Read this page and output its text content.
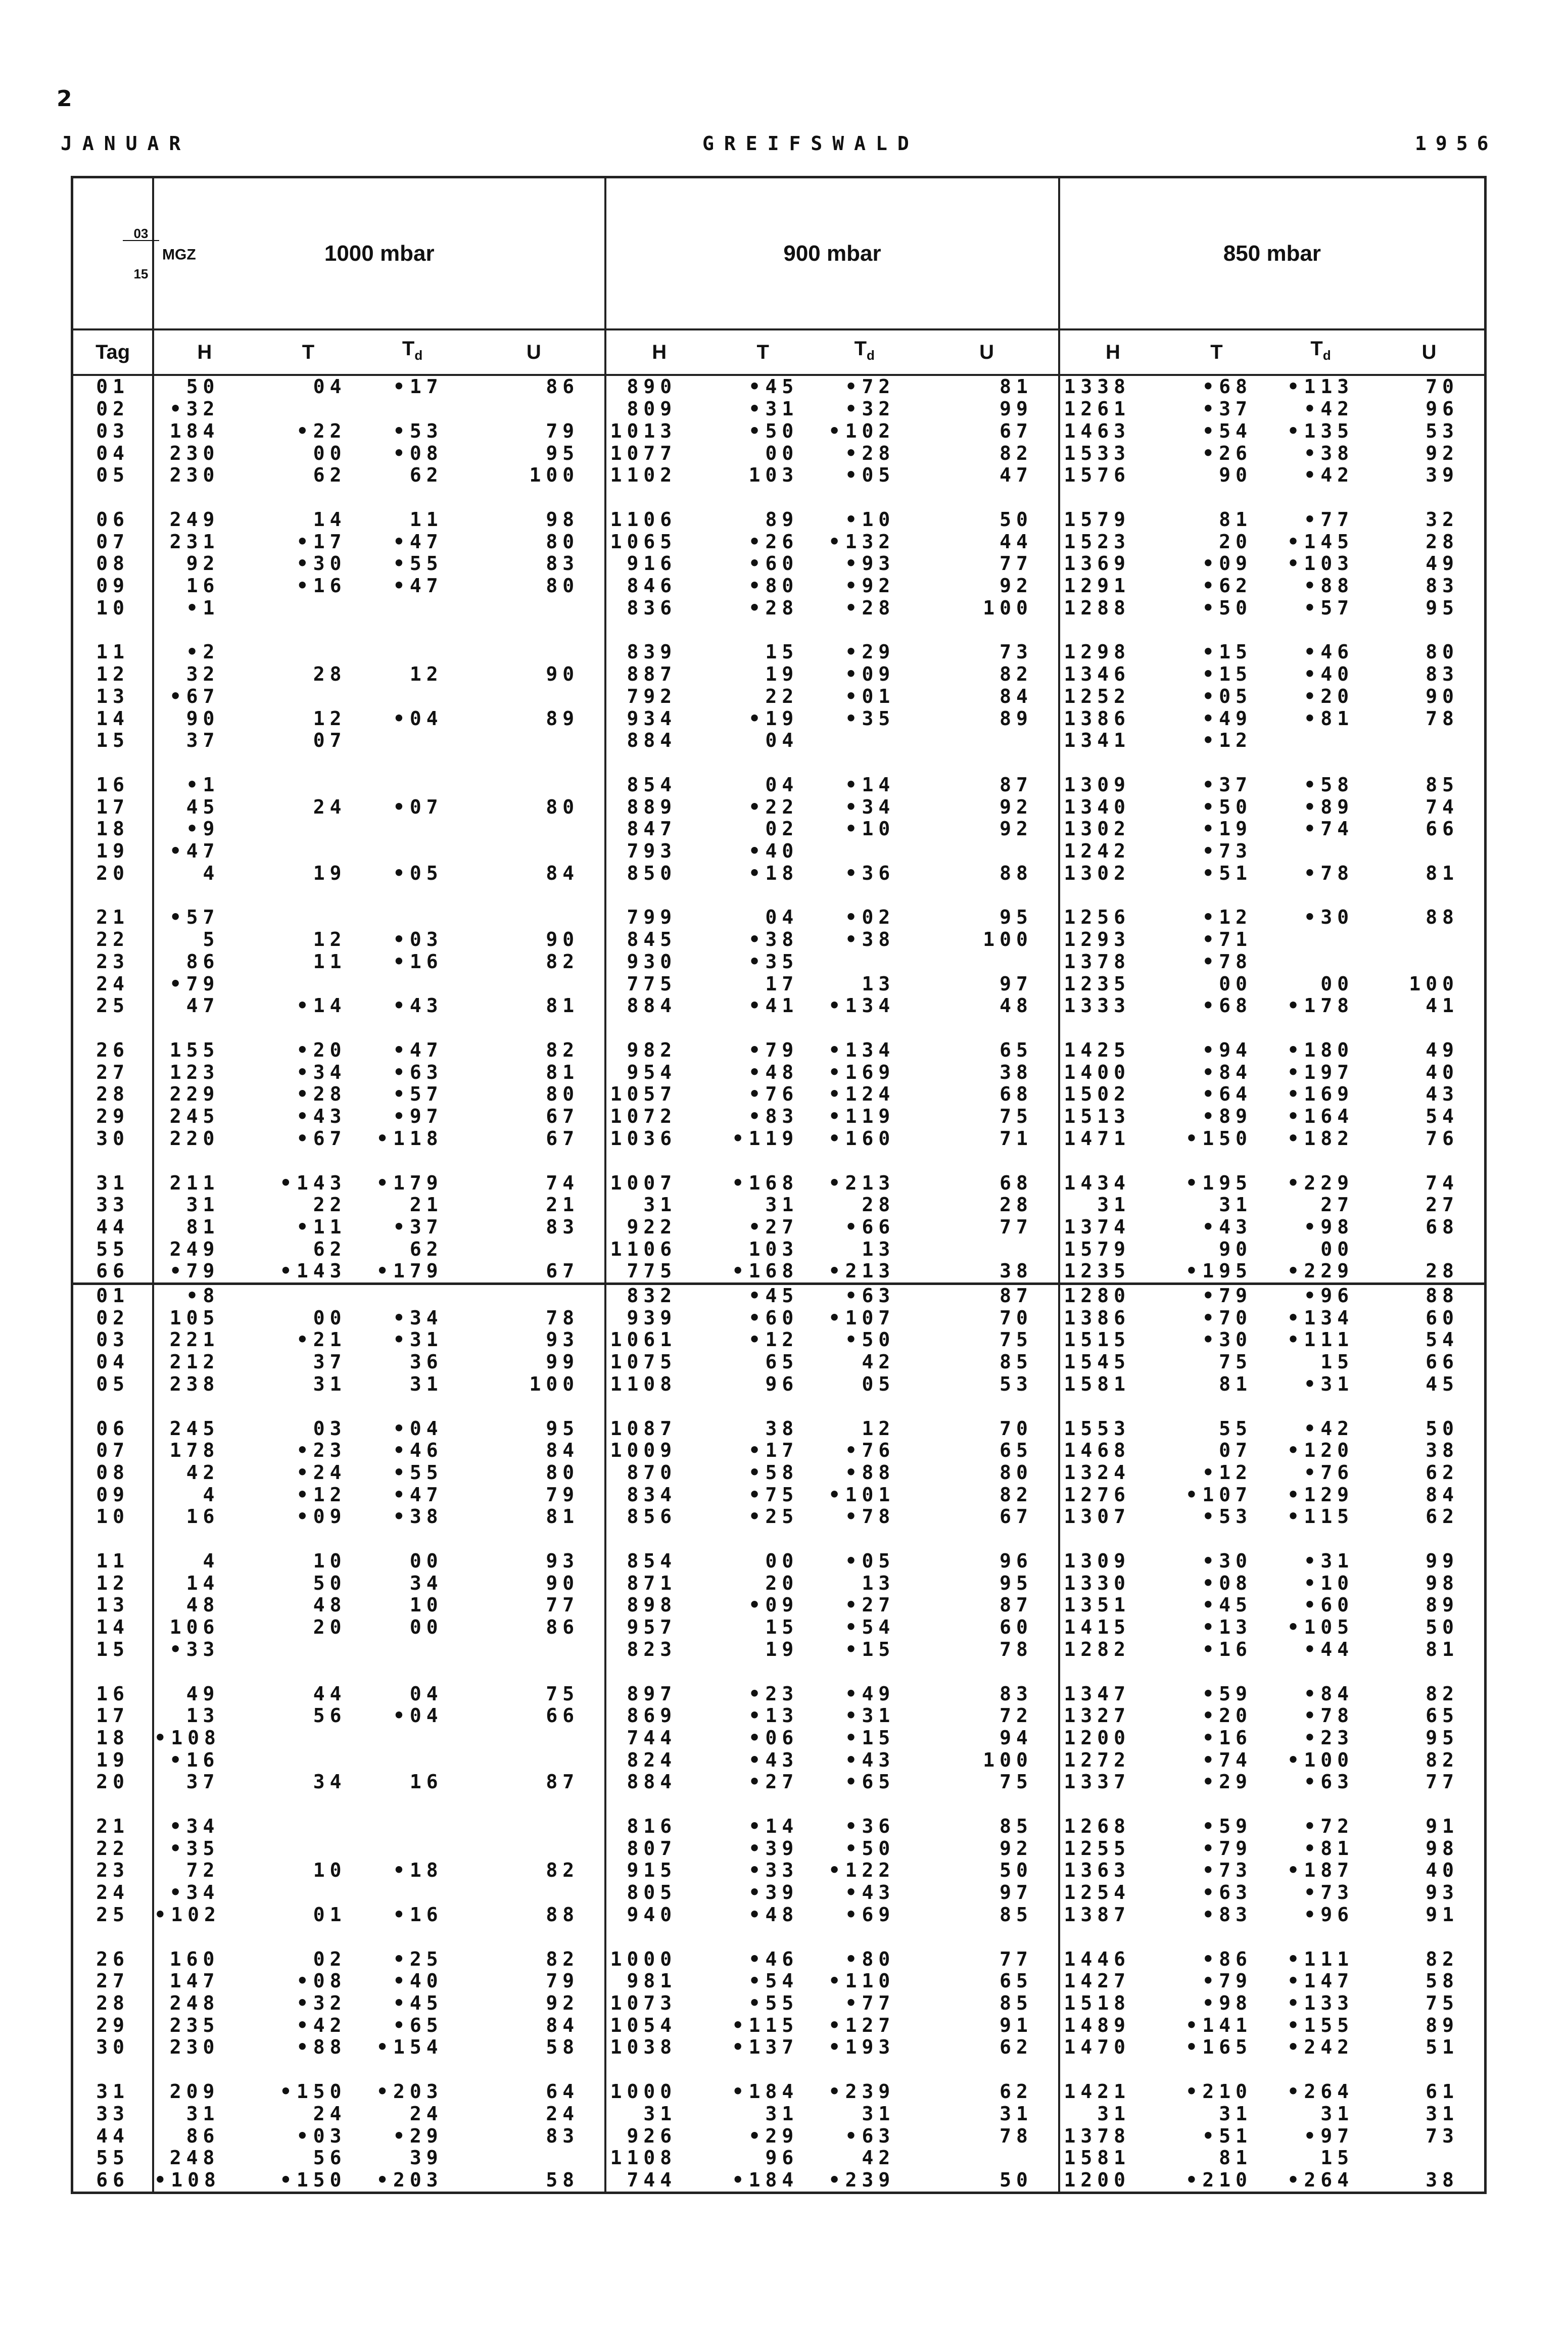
2
JANUAR	GREIFSWALD	1956

$\frac{03}{15}$ MGZ	1000 mbar				900 mbar				850 mbar			
Tag	H	T	$T_d$	U	H	T	$T_d$	U	H	T	$T_d$	U
01	50	04	•17	86	890	•45	•72	81	1338	•68	•113	70
02	•32				809	•31	•32	99	1261	•37	•42	96
03	184	•22	•53	79	1013	•50	•102	67	1463	•54	•135	53
04	230	00	•08	95	1077	00	•28	82	1533	•26	•38	92
05	230	62	62	100	1102	103	•05	47	1576	90	•42	39

06	249	14	11	98	1106	89	•10	50	1579	81	•77	32
07	231	•17	•47	80	1065	•26	•132	44	1523	20	•145	28
08	92	•30	•55	83	916	•60	•93	77	1369	•09	•103	49
09	16	•16	•47	80	846	•80	•92	92	1291	•62	•88	83
10	•1				836	•28	•28	100	1288	•50	•57	95

11	•2				839	15	•29	73	1298	•15	•46	80
12	32	28	12	90	887	19	•09	82	1346	•15	•40	83
13	•67				792	22	•01	84	1252	•05	•20	90
14	90	12	•04	89	934	•19	•35	89	1386	•49	•81	78
15	37	07			884	04			1341	•12		

16	•1				854	04	•14	87	1309	•37	•58	85
17	45	24	•07	80	889	•22	•34	92	1340	•50	•89	74
18	•9				847	02	•10	92	1302	•19	•74	66
19	•47				793	•40			1242	•73		
20	4	19	•05	84	850	•18	•36	88	1302	•51	•78	81

21	•57				799	04	•02	95	1256	•12	•30	88
22	5	12	•03	90	845	•38	•38	100	1293	•71		
23	86	11	•16	82	930	•35			1378	•78		
24	•79				775	17	13	97	1235	00	00	100
25	47	•14	•43	81	884	•41	•134	48	1333	•68	•178	41

26	155	•20	•47	82	982	•79	•134	65	1425	•94	•180	49
27	123	•34	•63	81	954	•48	•169	38	1400	•84	•197	40
28	229	•28	•57	80	1057	•76	•124	68	1502	•64	•169	43
29	245	•43	•97	67	1072	•83	•119	75	1513	•89	•164	54
30	220	•67	•118	67	1036	•119	•160	71	1471	•150	•182	76

31	211	•143	•179	74	1007	•168	•213	68	1434	•195	•229	74
33	31	22	21	21	31	31	28	28	31	31	27	27
44	81	•11	•37	83	922	•27	•66	77	1374	•43	•98	68
55	249	62	62		1106	103	13		1579	90	00	
66	•79	•143	•179	67	775	•168	•213	38	1235	•195	•229	28
01	•8				832	•45	•63	87	1280	•79	•96	88
02	105	00	•34	78	939	•60	•107	70	1386	•70	•134	60
03	221	•21	•31	93	1061	•12	•50	75	1515	•30	•111	54
04	212	37	36	99	1075	65	42	85	1545	75	15	66
05	238	31	31	100	1108	96	05	53	1581	81	•31	45

06	245	03	•04	95	1087	38	12	70	1553	55	•42	50
07	178	•23	•46	84	1009	•17	•76	65	1468	07	•120	38
08	42	•24	•55	80	870	•58	•88	80	1324	•12	•76	62
09	4	•12	•47	79	834	•75	•101	82	1276	•107	•129	84
10	16	•09	•38	81	856	•25	•78	67	1307	•53	•115	62

11	4	10	00	93	854	00	•05	96	1309	•30	•31	99
12	14	50	34	90	871	20	13	95	1330	•08	•10	98
13	48	48	10	77	898	•09	•27	87	1351	•45	•60	89
14	106	20	00	86	957	15	•54	60	1415	•13	•105	50
15	•33				823	19	•15	78	1282	•16	•44	81

16	49	44	04	75	897	•23	•49	83	1347	•59	•84	82
17	13	56	•04	66	869	•13	•31	72	1327	•20	•78	65
18	•108				744	•06	•15	94	1200	•16	•23	95
19	•16				824	•43	•43	100	1272	•74	•100	82
20	37	34	16	87	884	•27	•65	75	1337	•29	•63	77

21	•34				816	•14	•36	85	1268	•59	•72	91
22	•35				807	•39	•50	92	1255	•79	•81	98
23	72	10	•18	82	915	•33	•122	50	1363	•73	•187	40
24	•34				805	•39	•43	97	1254	•63	•73	93
25	•102	01	•16	88	940	•48	•69	85	1387	•83	•96	91

26	160	02	•25	82	1000	•46	•80	77	1446	•86	•111	82
27	147	•08	•40	79	981	•54	•110	65	1427	•79	•147	58
28	248	•32	•45	92	1073	•55	•77	85	1518	•98	•133	75
29	235	•42	•65	84	1054	•115	•127	91	1489	•141	•155	89
30	230	•88	•154	58	1038	•137	•193	62	1470	•165	•242	51

31	209	•150	•203	64	1000	•184	•239	62	1421	•210	•264	61
33	31	24	24	24	31	31	31	31	31	31	31	31
44	86	•03	•29	83	926	•29	•63	78	1378	•51	•97	73
55	248	56	39		1108	96	42		1581	81	15	
66	•108	•150	•203	58	744	•184	•239	50	1200	•210	•264	38
